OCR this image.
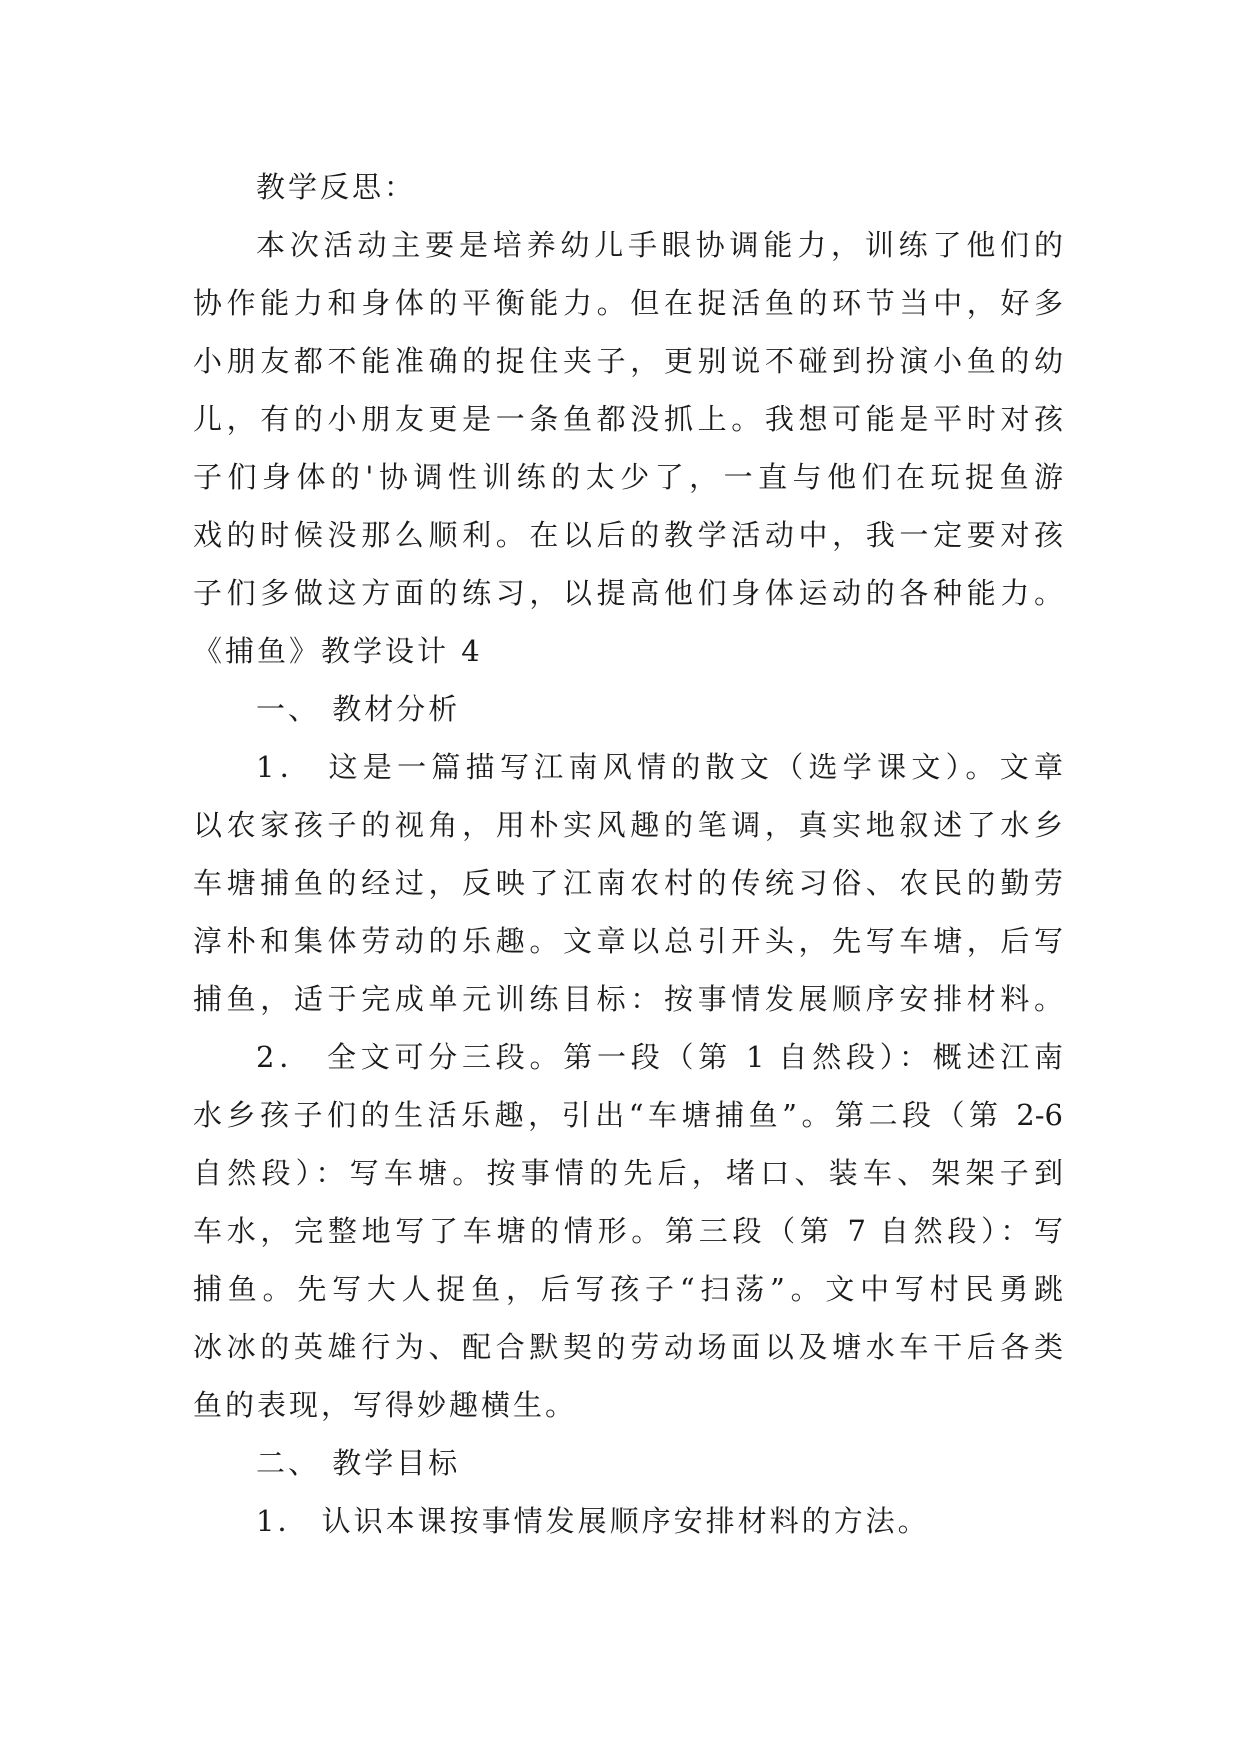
教学反思：
本次活动主要是培养幼儿手眼协调能力，训练了他们的
协作能力和身体的平衡能力。但在捉活鱼的环节当中，好多
小朋友都不能准确的捉住夹子，更别说不碰到扮演小鱼的幼
儿，有的小朋友更是一条鱼都没抓上。我想可能是平时对孩
子们身体的'协调性训练的太少了，一直与他们在玩捉鱼游
戏的时候没那么顺利。在以后的教学活动中，我一定要对孩
子们多做这方面的练习，以提高他们身体运动的各种能力。
《捕鱼》教学设计 4
一、 教材分析
1． 这是一篇描写江南风情的散文（选学课文）。文章
以农家孩子的视角，用朴实风趣的笔调，真实地叙述了水乡
车塘捕鱼的经过，反映了江南农村的传统习俗、农民的勤劳
淳朴和集体劳动的乐趣。文章以总引开头，先写车塘，后写
捕鱼，适于完成单元训练目标：按事情发展顺序安排材料。
2． 全文可分三段。第一段（第 1 自然段）：概述江南
水乡孩子们的生活乐趣，引出“车塘捕鱼”。第二段（第 2-6
自然段）：写车塘。按事情的先后，堵口、装车、架架子到
车水，完整地写了车塘的情形。第三段（第 7 自然段）：写
捕鱼。先写大人捉鱼，后写孩子“扫荡”。文中写村民勇跳
冰冰的英雄行为、配合默契的劳动场面以及塘水车干后各类
鱼的表现，写得妙趣横生。
二、 教学目标
1． 认识本课按事情发展顺序安排材料的方法。
